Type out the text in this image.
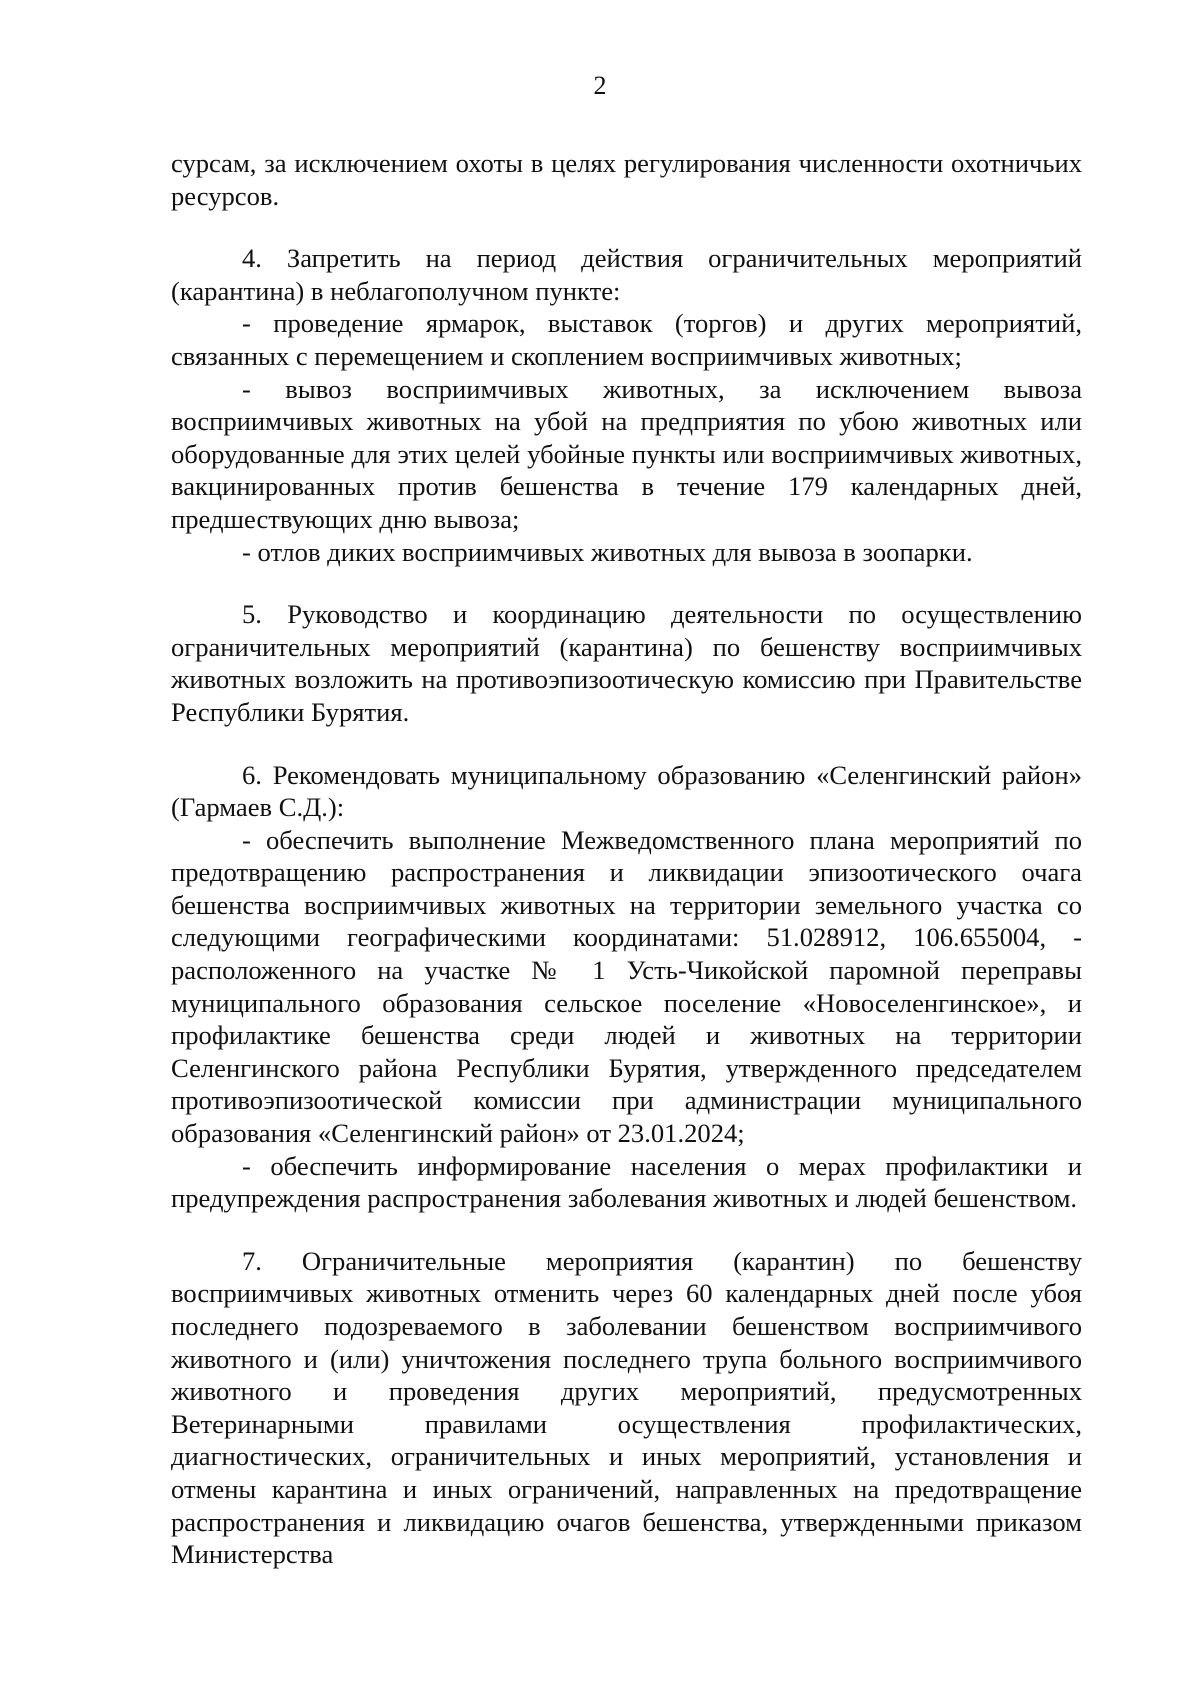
2

сурсам, за исключением охоты в целях регулирования численности охотничьих ресурсов.

4. Запретить на период действия ограничительных мероприятий (карантина) в неблагополучном пункте:

- проведение ярмарок, выставок (торгов) и других мероприятий, связанных с перемещением и скоплением восприимчивых животных;

- вывоз восприимчивых животных, за исключением вывоза восприимчивых животных на убой на предприятия по убою животных или оборудованные для этих целей убойные пункты или восприимчивых животных, вакцинированных против бешенства в течение 179 календарных дней, предшествующих дню вывоза;

- отлов диких восприимчивых животных для вывоза в зоопарки.

5. Руководство и координацию деятельности по осуществлению ограничительных мероприятий (карантина) по бешенству восприимчивых животных возложить на противоэпизоотическую комиссию при Правительстве Республики Бурятия.

6. Рекомендовать муниципальному образованию «Селенгинский район» (Гармаев С.Д.):

- обеспечить выполнение Межведомственного плана мероприятий по предотвращению распространения и ликвидации эпизоотического очага бешенства восприимчивых животных на территории земельного участка со следующими географическими координатами: 51.028912, 106.655004, - расположенного на участке № 1 Усть-Чикойской паромной переправы муниципального образования сельское поселение «Новоселенгинское», и профилактике бешенства среди людей и животных на территории Селенгинского района Республики Бурятия, утвержденного председателем противоэпизоотической комиссии при администрации муниципального образования «Селенгинский район» от 23.01.2024;

- обеспечить информирование населения о мерах профилактики и предупреждения распространения заболевания животных и людей бешенством.

7. Ограничительные мероприятия (карантин) по бешенству восприимчивых животных отменить через 60 календарных дней после убоя последнего подозреваемого в заболевании бешенством восприимчивого животного и (или) уничтожения последнего трупа больного восприимчивого животного и проведения других мероприятий, предусмотренных Ветеринарными правилами осуществления профилактических, диагностических, ограничительных и иных мероприятий, установления и отмены карантина и иных ограничений, направленных на предотвращение распространения и ликвидацию очагов бешенства, утвержденными приказом Министерства
